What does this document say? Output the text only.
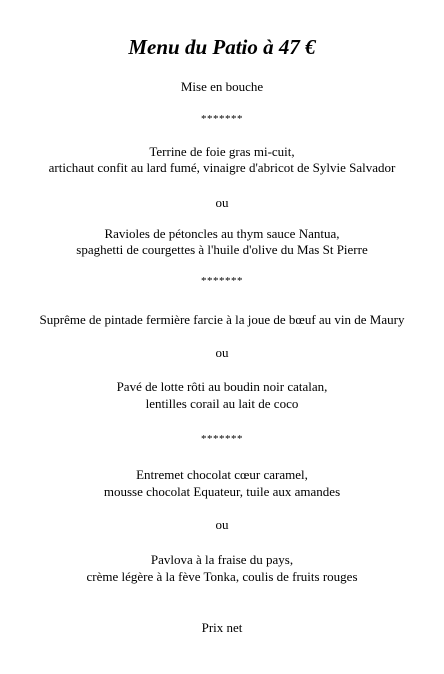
Menu du Patio à 47 €
Mise en bouche
*******
Terrine de foie gras mi-cuit,
artichaut confit au lard fumé, vinaigre d'abricot de Sylvie Salvador
ou
Ravioles de pétoncles au thym sauce Nantua,
spaghetti de courgettes à l'huile d'olive du Mas St Pierre
*******
Suprême de pintade fermière farcie à la joue de bœuf au vin de Maury
ou
Pavé de lotte rôti au boudin noir catalan,
lentilles corail au lait de coco
*******
Entremet chocolat cœur caramel,
mousse chocolat Equateur, tuile aux amandes
ou
Pavlova à la fraise du pays,
crème légère à la fève Tonka, coulis de fruits rouges
Prix net
